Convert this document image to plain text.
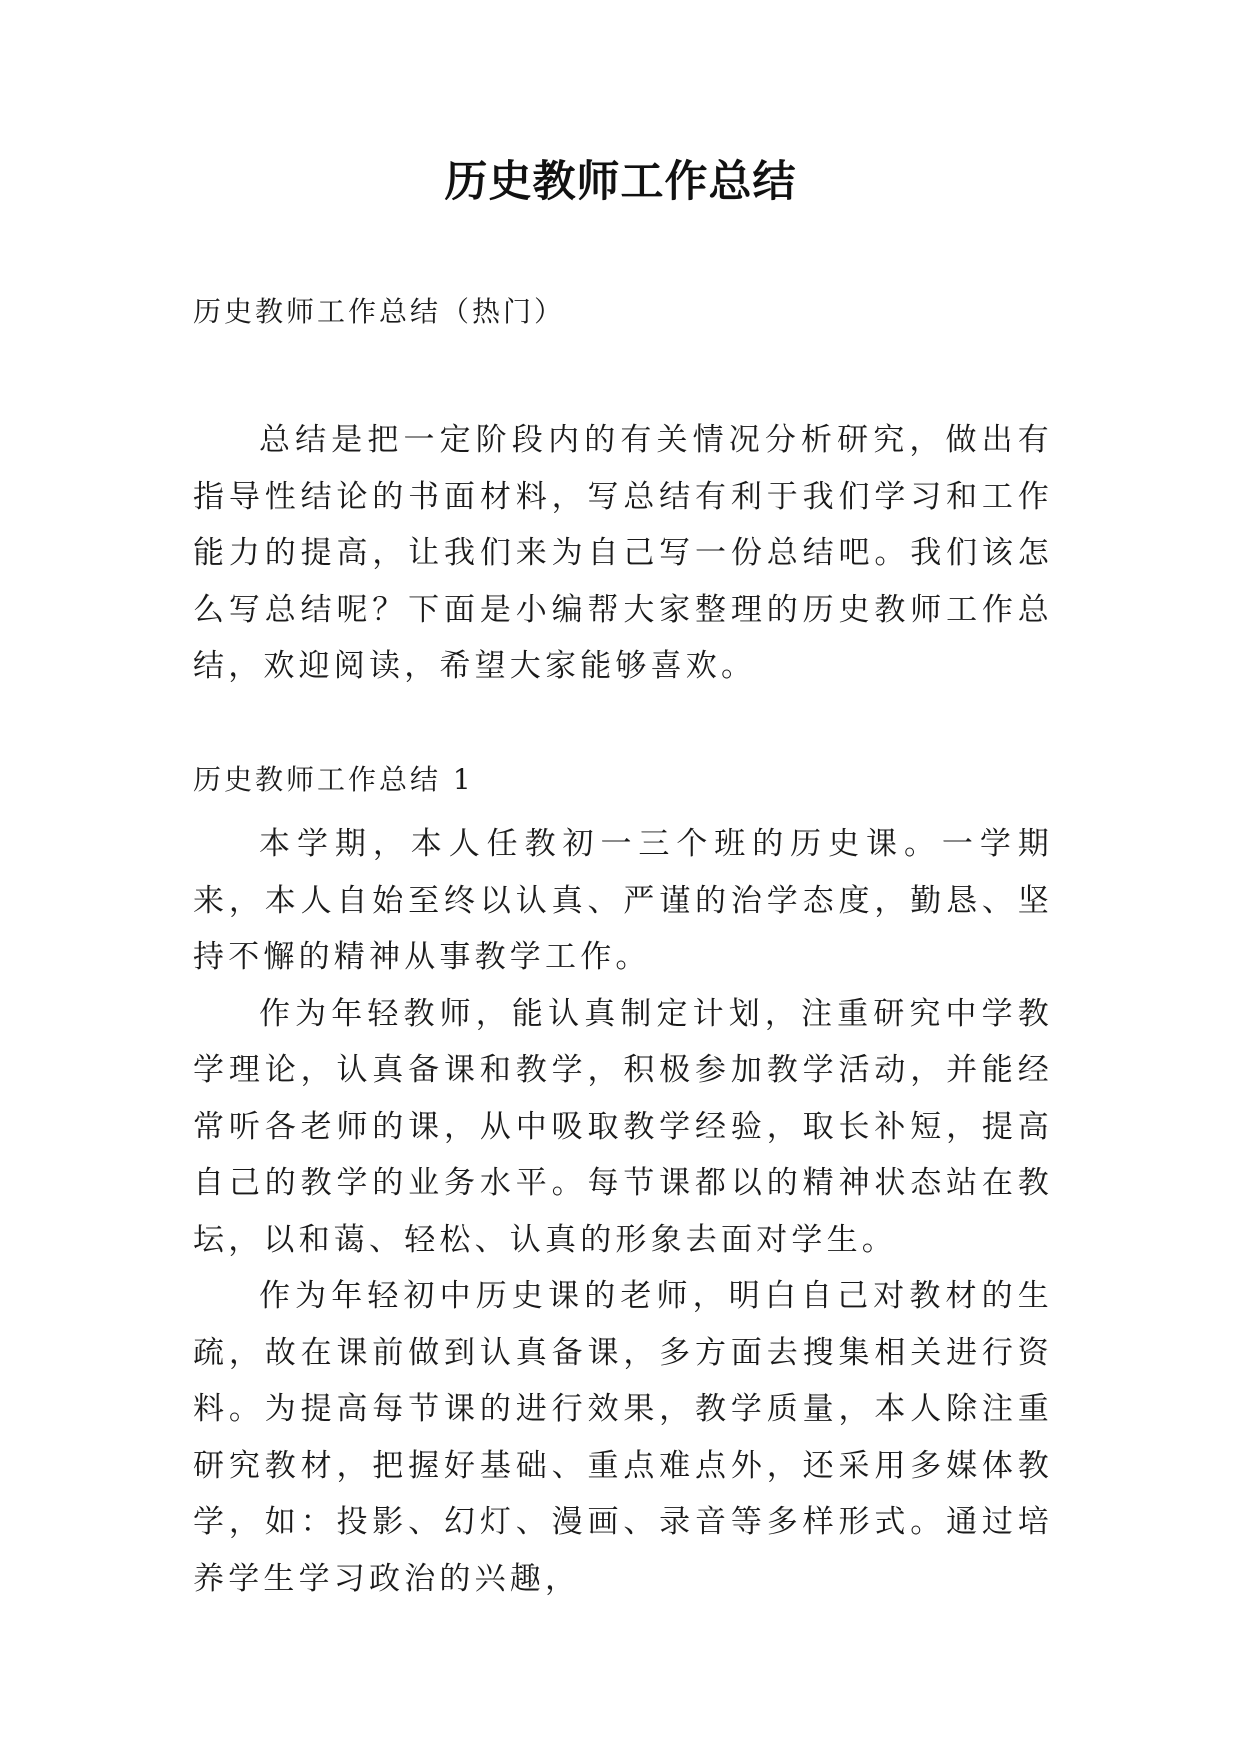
历史教师工作总结

历史教师工作总结（热门）

总结是把一定阶段内的有关情况分析研究，做出有指导性结论的书面材料，写总结有利于我们学习和工作能力的提高，让我们来为自己写一份总结吧。我们该怎么写总结呢？下面是小编帮大家整理的历史教师工作总结，欢迎阅读，希望大家能够喜欢。

历史教师工作总结 1

本学期，本人任教初一三个班的历史课。一学期来，本人自始至终以认真、严谨的治学态度，勤恳、坚持不懈的精神从事教学工作。

作为年轻教师，能认真制定计划，注重研究中学教学理论，认真备课和教学，积极参加教学活动，并能经常听各老师的课，从中吸取教学经验，取长补短，提高自己的教学的业务水平。每节课都以的精神状态站在教坛，以和蔼、轻松、认真的形象去面对学生。

作为年轻初中历史课的老师，明白自己对教材的生疏，故在课前做到认真备课，多方面去搜集相关进行资料。为提高每节课的进行效果，教学质量，本人除注重研究教材，把握好基础、重点难点外，还采用多媒体教学，如：投影、幻灯、漫画、录音等多样形式。通过培养学生学习政治的兴趣，
